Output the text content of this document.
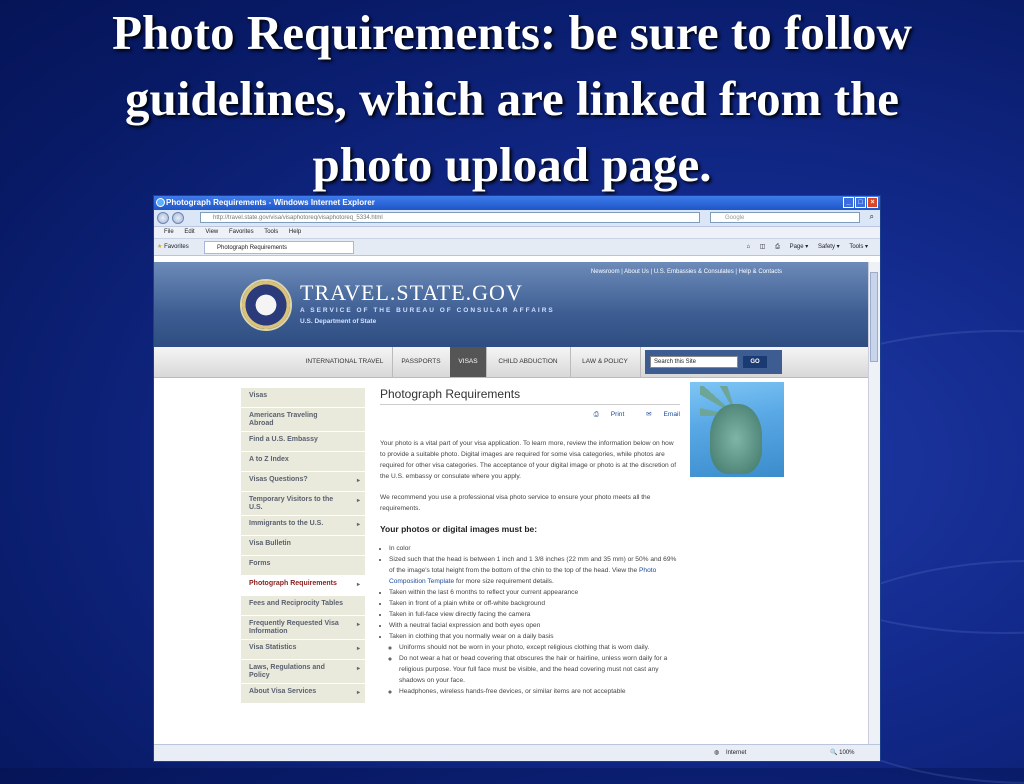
Photo Requirements: be sure to follow guidelines, which are linked from the photo upload page.
Photograph Requirements - Windows Internet Explorer	_	□	×
http://travel.state.gov/visa/visaphotoreq/visaphotoreq_5334.html	Google	⌕
File Edit View Favorites Tools Help
★ Favorites	Photograph Requirements	⌂ ◫ ⎙ Page ▾ Safety ▾ Tools ▾
Newsroom | About Us | U.S. Embassies & Consulates | Help & Contacts
TRAVEL.STATE.GOV
A SERVICE OF THE BUREAU OF CONSULAR AFFAIRS
U.S. Department of State
INTERNATIONAL TRAVEL	PASSPORTS	VISAS	CHILD ABDUCTION	LAW & POLICY	Search this Site	GO
Visas
Americans Traveling Abroad
Find a U.S. Embassy
A to Z Index
Visas Questions?	▸
Temporary Visitors to the U.S.
▸
Immigrants to the U.S.	▸
Visa Bulletin
Forms
Photograph Requirements	▸
Fees and Reciprocity Tables
Frequently Requested Visa Information
▸
Visa Statistics	▸
Laws, Regulations and Policy
▸
About Visa Services	▸
Photograph Requirements
⎙ Print	✉ Email

Your photo is a vital part of your visa application. To learn more, review the information below on how to provide a suitable photo. Digital images are required for some visa categories, while photos are required for other visa categories. The acceptance of your digital image or photo is at the discretion of the U.S. embassy or consulate where you apply.

We recommend you use a professional visa photo service to ensure your photo meets all the requirements.

Your photos or digital images must be:
• In color
• Sized such that the head is between 1 inch and 1 3/8 inches (22 mm and 35 mm) or 50% and 69% of the image's total height from the bottom of the chin to the top of the head. View the Photo Composition Template for more size requirement details.
• Taken within the last 6 months to reflect your current appearance
• Taken in front of a plain white or off-white background
• Taken in full-face view directly facing the camera
• With a neutral facial expression and both eyes open
• Taken in clothing that you normally wear on a daily basis
◦ Uniforms should not be worn in your photo, except religious clothing that is worn daily.
◦ Do not wear a hat or head covering that obscures the hair or hairline, unless worn daily for a religious purpose. Your full face must be visible, and the head covering must not cast any shadows on your face.
◦ Headphones, wireless hands-free devices, or similar items are not acceptable
◍ Internet	🔍 100%
